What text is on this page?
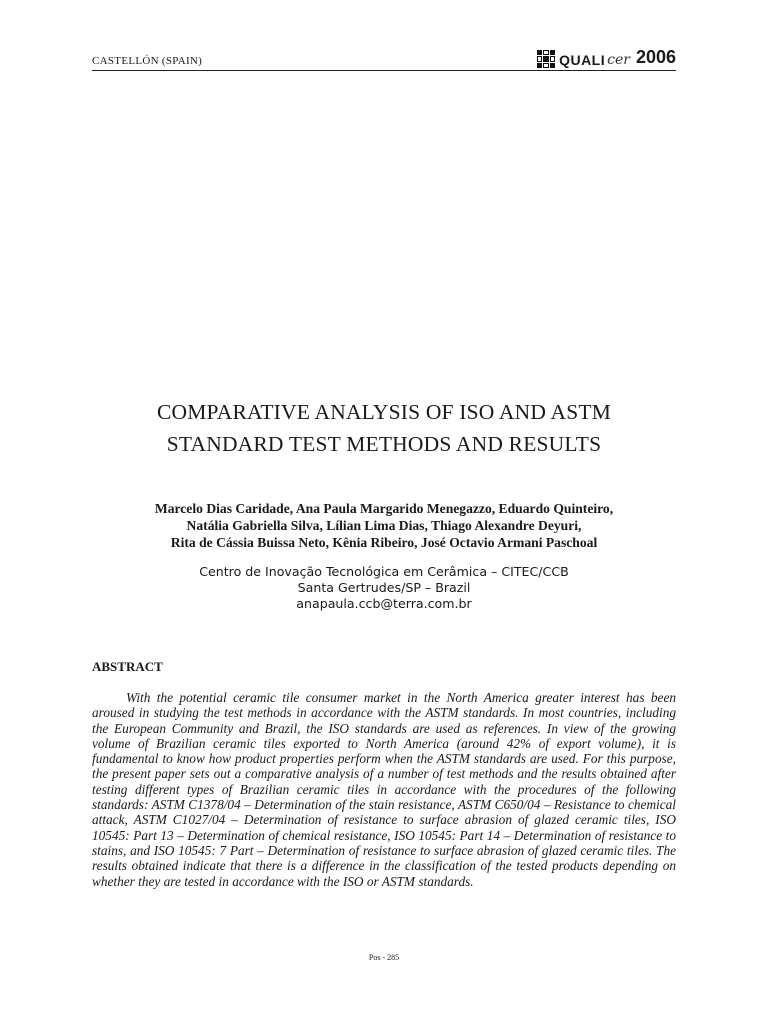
CASTELLÓN (SPAIN)	QUALI cer 2006
COMPARATIVE ANALYSIS OF ISO AND ASTM
STANDARD TEST METHODS AND RESULTS
Marcelo Dias Caridade, Ana Paula Margarido Menegazzo, Eduardo Quinteiro,
Natália Gabriella Silva, Lílian Lima Dias, Thiago Alexandre Deyuri,
Rita de Cássia Buissa Neto, Kênia Ribeiro, José Octavio Armani Paschoal
Centro de Inovação Tecnológica em Cerâmica – CITEC/CCB
Santa Gertrudes/SP – Brazil
anapaula.ccb@terra.com.br
ABSTRACT

With the potential ceramic tile consumer market in the North America greater interest has been aroused in studying the test methods in accordance with the ASTM standards. In most countries, including the European Community and Brazil, the ISO standards are used as references. In view of the growing volume of Brazilian ceramic tiles exported to North America (around 42% of export volume), it is fundamental to know how product properties perform when the ASTM standards are used. For this purpose, the present paper sets out a comparative analysis of a number of test methods and the results obtained after testing different types of Brazilian ceramic tiles in accordance with the procedures of the following standards: ASTM C1378/04 – Determination of the stain resistance, ASTM C650/04 – Resistance to chemical attack, ASTM C1027/04 – Determination of resistance to surface abrasion of glazed ceramic tiles, ISO 10545: Part 13 – Determination of chemical resistance, ISO 10545: Part 14 – Determination of resistance to stains, and ISO 10545: 7 Part – Determination of resistance to surface abrasion of glazed ceramic tiles. The results obtained indicate that there is a difference in the classification of the tested products depending on whether they are tested in accordance with the ISO or ASTM standards.

Pos - 285
